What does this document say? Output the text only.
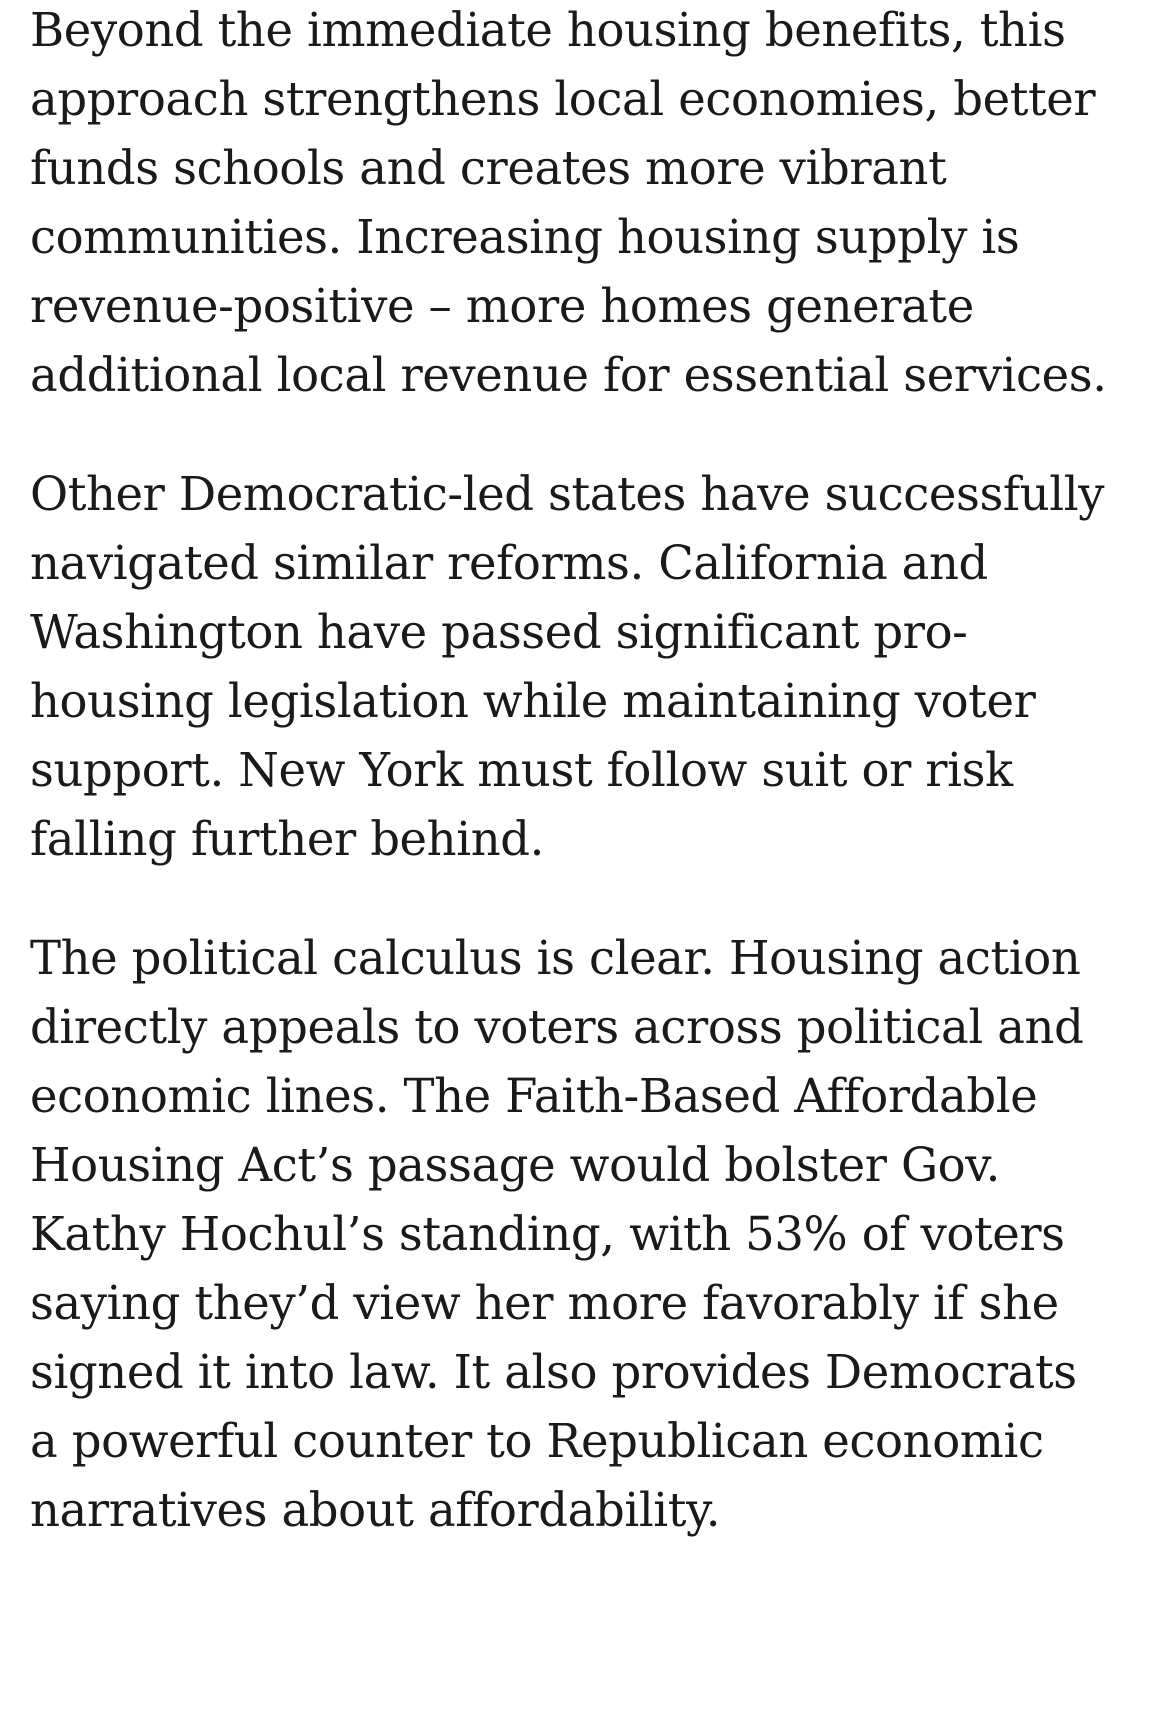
Beyond the immediate housing benefits, this
approach strengthens local economies, better
funds schools and creates more vibrant
communities. Increasing housing supply is
revenue-positive – more homes generate
additional local revenue for essential services.

Other Democratic-led states have successfully
navigated similar reforms. California and
Washington have passed significant pro-
housing legislation while maintaining voter
support. New York must follow suit or risk
falling further behind.

The political calculus is clear. Housing action
directly appeals to voters across political and
economic lines. The Faith-Based Affordable
Housing Act’s passage would bolster Gov.
Kathy Hochul’s standing, with 53% of voters
saying they’d view her more favorably if she
signed it into law. It also provides Democrats
a powerful counter to Republican economic
narratives about affordability.
